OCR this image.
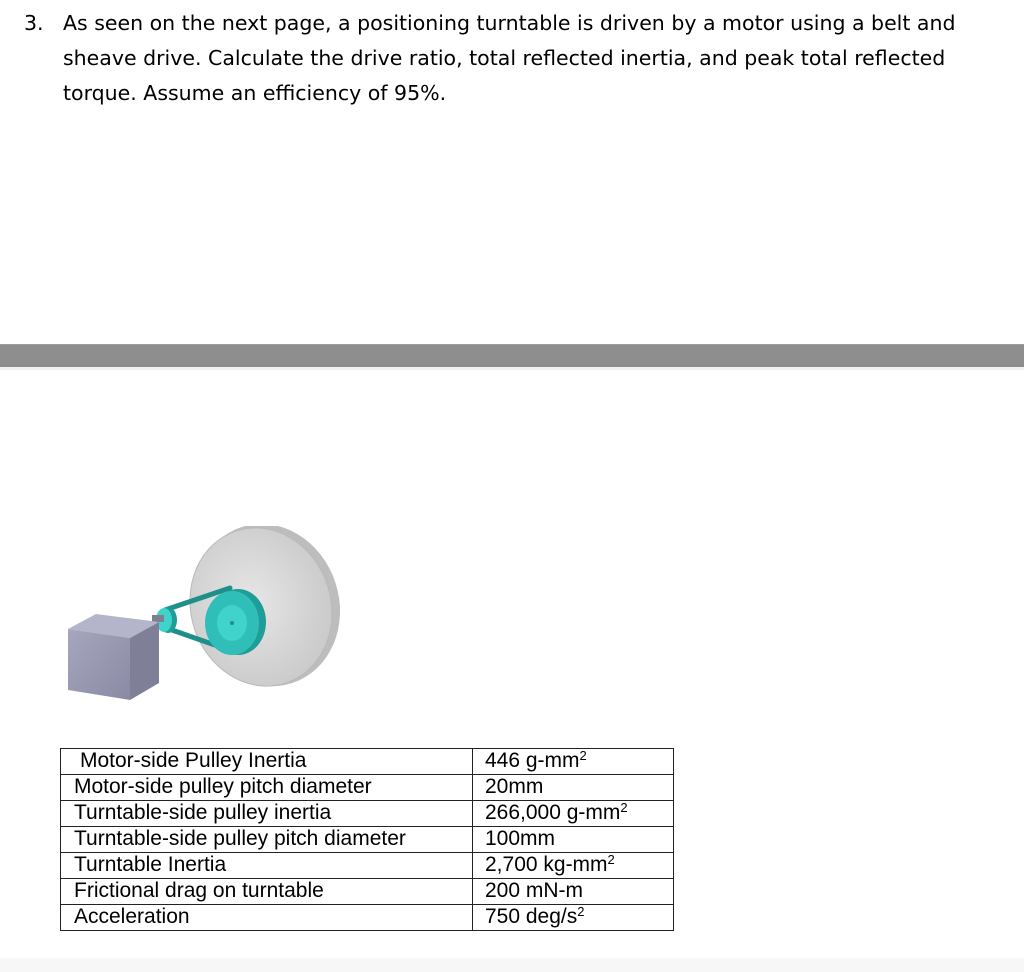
3. As seen on the next page, a positioning turntable is driven by a motor using a belt and sheave drive. Calculate the drive ratio, total reflected inertia, and peak total reflected torque. Assume an efficiency of 95%.
Motor-side Pulley Inertia	446 $g-mm^2$
Motor-side pulley pitch diameter	20mm
Turntable-side pulley inertia	266,000 $g-mm^2$
Turntable-side pulley pitch diameter	100mm
Turntable Inertia	2,700 $kg-mm^2$
Frictional drag on turntable	200 mN-m
Acceleration	750 deg/$s^2$
